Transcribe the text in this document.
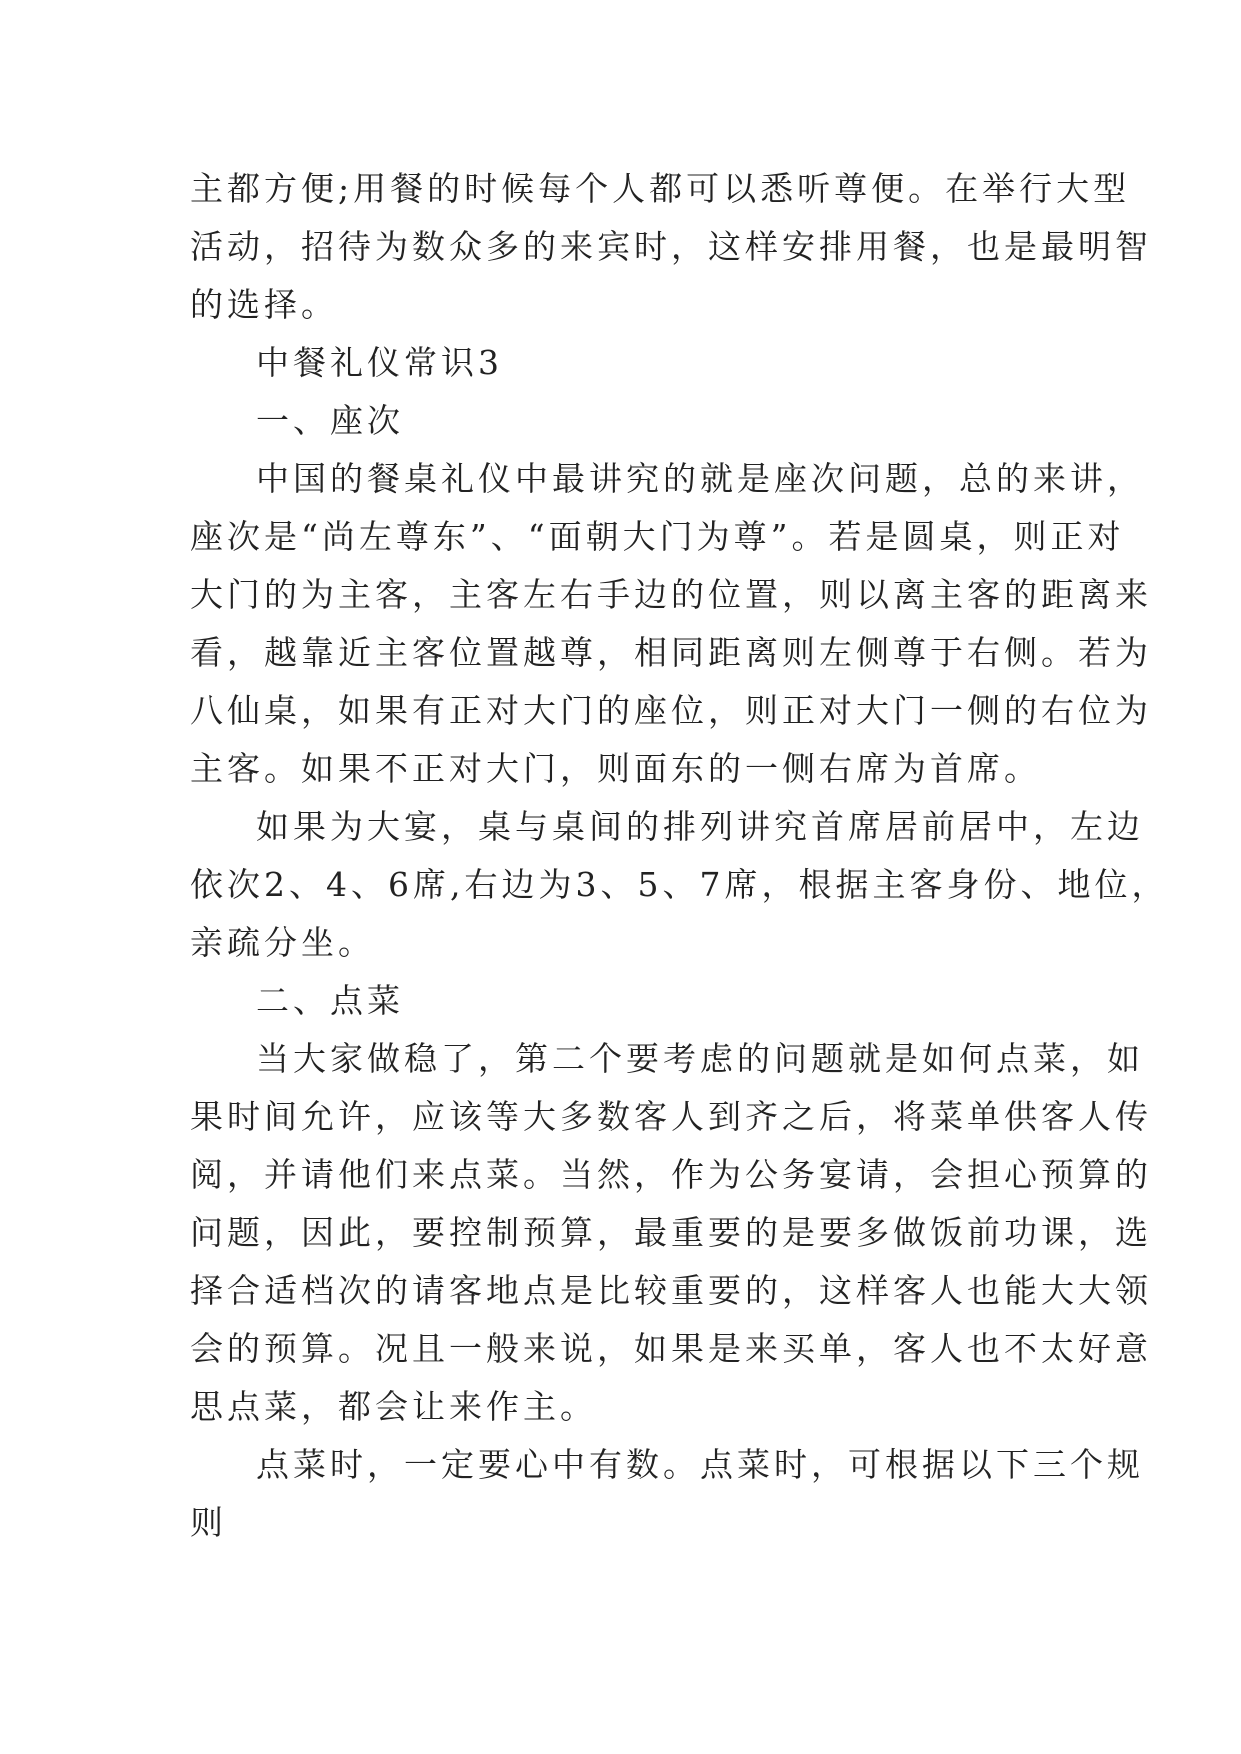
主都方便;用餐的时候每个人都可以悉听尊便。在举行大型
活动，招待为数众多的来宾时，这样安排用餐，也是最明智
的选择。
中餐礼仪常识3
一、座次
中国的餐桌礼仪中最讲究的就是座次问题，总的来讲，
座次是“尚左尊东”、“面朝大门为尊”。若是圆桌，则正对
大门的为主客，主客左右手边的位置，则以离主客的距离来
看，越靠近主客位置越尊，相同距离则左侧尊于右侧。若为
八仙桌，如果有正对大门的座位，则正对大门一侧的右位为
主客。如果不正对大门，则面东的一侧右席为首席。
如果为大宴，桌与桌间的排列讲究首席居前居中，左边
依次2、4、6席,右边为3、5、7席，根据主客身份、地位，
亲疏分坐。
二、点菜
当大家做稳了，第二个要考虑的问题就是如何点菜，如
果时间允许，应该等大多数客人到齐之后，将菜单供客人传
阅，并请他们来点菜。当然，作为公务宴请，会担心预算的
问题，因此，要控制预算，最重要的是要多做饭前功课，选
择合适档次的请客地点是比较重要的，这样客人也能大大领
会的预算。况且一般来说，如果是来买单，客人也不太好意
思点菜，都会让来作主。
点菜时，一定要心中有数。点菜时，可根据以下三个规
则
